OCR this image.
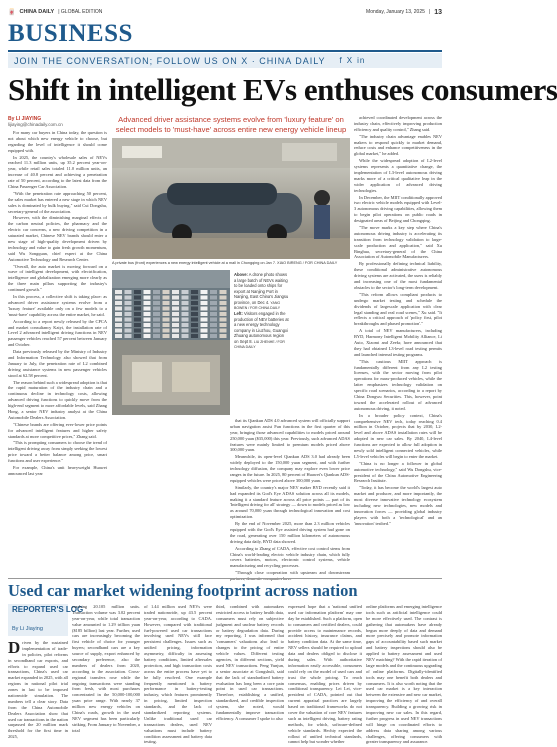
🀄 CHINA DAILY | GLOBAL EDITION	Monday, January 13, 2025 | 13
BUSINESS
JOIN THE CONVERSATION; FOLLOW US ON X · CHINA DAILY f X in
Shift in intelligent EVs enthuses consumers
By LI JIAYING
lijiaying@chinadaily.com.cn
Advanced driver assistance systems evolve from 'luxury feature' on select models to 'must-have' across entire new energy vehicle lineup

For many car buyers in China today, the question is not about which new energy vehicle to choose, but regarding the level of intelligence it should come equipped with.

In 2025, the country's wholesale sales of NEVs reached 11.3 million units, up 35.2 percent year-on-year, while retail sales totaled 11.0 million units, an increase of 40.8 percent and achieving a penetration rate of 50 percent, according to the latest data from the China Passenger Car Association.

"With the penetration rate approaching 50 percent, the sales market has entered a new stage in which NEV sales is dominated by bulk buying," said Cui Dongshu, secretary-general of the association.

However, with the diminishing marginal effects of the carbon neutral policies, the pharmacy and the electric car concerns, a new driving competition in a saturated market, Chinese NEV brands should enter a new stage of high-quality development driven by technology and value to gain fresh growth momentum, said Wu Songquan, chief expert at the China Automotive Technology and Research Center.

"Overall, the auto market is moving forward on a wave of intelligent development, with electrification, intelligence and globalization emerging more clearly as the three main pillars supporting the industry's continued growth."

In this process, a collective shift is taking place: as advanced driver assistance systems evolve from a 'luxury feature' available only on a few models to a 'must-have' capability across the entire market, he said.

According to a report newly released by the CPCA and market consultancy Kaiyi, the installation rate of Level 2 advanced intelligent driving functions in NEV passenger vehicles reached 57 percent between January and October.

Data previously released by the Ministry of Industry and Information Technology also showed that from January to July, the penetration rate of L2 combined driving assistance systems in new passenger vehicles stood at 62.58 percent.

The reason behind such a widespread adoption is that the rapid maturation of the industry chain and a continuous decline in technology costs, allowing advanced driving functions to quickly move from the high-end segment to more affordable levels, said Zhang Hong, a senior NEV industry analyst at the China Automobile Dealers Association.

"Chinese brands are offering ever-lower price points for advanced intelligent features and higher safety standards at more competitive prices," Zhang said.

"This is prompting consumers to choose the trend of intelligent driving away from simply seeking the lowest price toward a better balance among price, smart functions and user experience."

For example, China's unit heavyweight Huawei announced last year

A private bus (front) experiences a new energy intelligent vehicle at a mall in Chongqing on Jan 7. XIAO BIRENG / FOR CHINA DAILY
Above: A drone photo shows a large batch of NEVs waiting to be loaded onto ships for export at Nanjing Port in Nanjing, East China's Jiangsu province, on Dec 4. YANG BOWEN / FOR CHINA DAILY
Left: Visitors engaged in the production of NEV batteries at a new energy technology company in Liuzhou, Guangxi Zhuang autonomous region on Sept 8. LIU ZHENHE / FOR CHINA DAILY

that its Qiankun ADS 4.0 advanced system will officially support urban navigation assist Fun functions in the first quarter of this year, bringing those advanced capabilities to models priced around 250,000 yuan ($35,000) this year. Previously, such advanced ADAS features were mainly limited to premium models priced above 300,000 yuan.

Meanwhile, its open-level Qiankun ADS 3.0 had already been widely deployed to the 150,000 yuan segment, and with further technology diffusion, the company may explore even lower price ranges in the future. In 2025, 80 percent of Huawei's Qiankun ADS-equipped vehicles were priced above 300,000 yuan.

Similarly, the country's major NEV maker BYD recently said it had expanded its God's Eye ADAS solution across all its models, making it a standard feature across all price points — part of its 'Intelligent driving for all' strategy — down to models priced as low as around 70,000 yuan through technological innovation and cost optimization.

By the end of November 2025, more than 2.3 million vehicles equipped with the God's Eye assisted driving system had gone on the road, generating over 150 million kilometers of autonomous driving data daily, BYD data showed.

According to Zhang of CADA, effective cost control stems from China's world-leading electric vehicle industry chain, which fully covers batteries, motors, electronic control systems, vehicle manufacturing and recycling processes.

"Through close cooperation with upstream and downstream

achieved coordinated development across the industry chain, effectively improving production efficiency and quality control," Zhang said.

"The industry chain advantage enables NEV makers to respond quickly to market demand, reduce costs and enhance competitiveness in the global market," he added.

While the widespread adoption of L2-level systems represents a quantitative change, the implementation of L3-level autonomous driving marks more of a critical qualitative leap in the wider application of advanced driving technologies.

In December, the MIIT conditionally approved two electric vehicle models equipped with Level-3 autonomous driving capabilities, allowing them to begin pilot operations on public roads in designated areas of Beijing and Chongqing.

"The move marks a key step where China's autonomous driving industry is accelerating its transition from technology validation to large-scale production and application," said Xu Binghua, secretary-general of the China Association of Automobile Manufacturers.

By professionally defining technical liability, these conditional administrative autonomous driving systems are activated, the users is reliably and increasing one of the most fundamental obstacles to the sector's long-term development.

"This reform allows compliant products to undergo market testing and schedule the dividends of largescale application with clear legal standing and real road scenes," Xu said. "It reflects a critical approach of 'policy first, pilot breakthroughs and phased promotion'."

A total of NEV manufacturers, including BYD, Harmony Intelligent Mobility Alliance, Li Auto, Xiaomi and Zeekr, have announced that they had obtained L3-level road testing permits and launched internal testing programs.

"This cautious MIIT approach is fundamentally different from any L2 testing licenses, with the sector moving from pilot operations for mass-produced vehicles, while the latter emphasizes technology validation on specific road scenarios, according to a report by China Dongwu Securities. This, however, point toward the accelerated rollout of advanced autonomous driving, it noted.

In a broader policy context, China's comprehensive NEV tech, today reaching 0.4 million in October, projects that by 2030, L2-level and above ADAS installation rates will be adopted in new car sales. By 2040, L4-level functions are expected to allow full adoption in newly sold intelligent connected vehicles, while L5-level vehicles will begin to enter the market.

"China is no longer a follower in global automotive technology," said Wu Dongshu, vice-president of the China Automotive Engineering Research Institute.

"Today, it has become the world's largest auto market and producer, and more importantly, the most diverse innovative technology ecosystem including new technologies, new models and innovation forces — providing global industry players with both a 'technological' and an 'innovation' testbed."

Used car market widening footprint across nation
REPORTER'S LOG
By Li Jiaying
Driven by the sustained implementation of trade-in policies, pilot reforms in secondhand car exports, and efforts to expand used car transactions, China's used car market expanded in 2025, with all regions in national pilot trial zones in last to be imposed nationwide simulation. The numbers tell a clear story. Data from the China Automobile Dealers Association show that used car transactions in the nation surpassed the 20 million mark threshold for the first time in 2025,
reaching 20.105 million units. Transaction volume was 3.02 percent year-on-year, while total transaction value amounted to 1.29 trillion yuan ($185 billion) last year. Further, used cars are increasingly becoming the first vehicle of choice for younger buyers; secondhand cars are a key source of supply, export enhanced by secondary preference, also the numbers of dealers from 2020, according to the association. Cross-regional transfers rose while the ongoing transactions were standing from fresh, with most purchases concentrated in the 50,000-100,000 yuan price range. With nearly 37 million new energy vehicles on China's roads, growth in the used NEV segment has been particularly striking. From January to November, a total
of 1.44 million used NEVs were traded nationwide, up 43.5 percent year-on-year, according to CADA. However, compared with traditional fuel-powered used car transactions involving used NEVs still face persistent challenges. Issues such as unified pricing, information asymmetry, difficulty in assessing battery conditions, limited aftersales protection, and high transaction costs across the entire process have yet to be fully resolved. One example frequently mentioned is battery performance in battery-testing industry, which features prominently in pricing, limited inspection standards, and the lack of standardized reporting systems. Unlike traditional used car transactions dealers, used NEV valuations must include battery condition assessment and battery data testing.
third, combined with automakers restricted access to battery health data, consumers must rely on subjective judgment and unclear battery records or battery degradation data. During my reporting, I was informed that 'consumers' valuations also lead to changes to the pricing of entire vehicle values. Different testing agencies, in different sections, yield used NEV transactions. Peng Yunjun, a senior associate at Gongshuli, said that the lack of standardized battery evaluation has long been a core pain point in used car transactions. Therefore, establishing a unified, standardized, and credible inspection system, she noted, would fundamentally improve transaction efficiency. A consumer I spoke to also
expressed hope that a 'national unified used car information platform' may one day be established. Such a platform, open to consumers and certified dealers, could provide access to maintenance records, accident history, insurance claims, and battery condition data. At the same time, NEV sellers should be required to upload data and dealers obliged to disclose it during sales. With authoritative information easily accessible, consumers could rely on the model of used cars and trust the whole pricing. To reach consensus, enabling prices driven by conditional transparency. Lei Lei, vice-president of CADA, pointed out that current appraisal practices are largely based on traditional frameworks do not cover the valuation of core NEV features such as intelligent driving, battery rating methods, for which, software-defined vehicle standards. Hechiy expected the rollout of unified technical standards, cannot help but wonder whether
online platforms and emerging intelligence tools such as artificial intelligence could be more effectively used. The contrast is gathering that automakers have already begun more deeply of data and demand more precisely and promote information gaps of accountability based such market and battery inspections should also be applied to battery assessment and used NEV matching? With the rapid iteration of large models and the continuous upgrading of online platforms. Digitally-identified tools may one benefit both dealers and consumers. It is also worth noting that the used car market is a key interaction between the extensive and new car market, improving the efficiency of and overall transparency. Building a growing risk in improving new car sales. In this regard, further progress in used NEV transactions will hinge on coordinated efforts to address data sharing among various challenges, offering consumers with greater transparency and assurance.
